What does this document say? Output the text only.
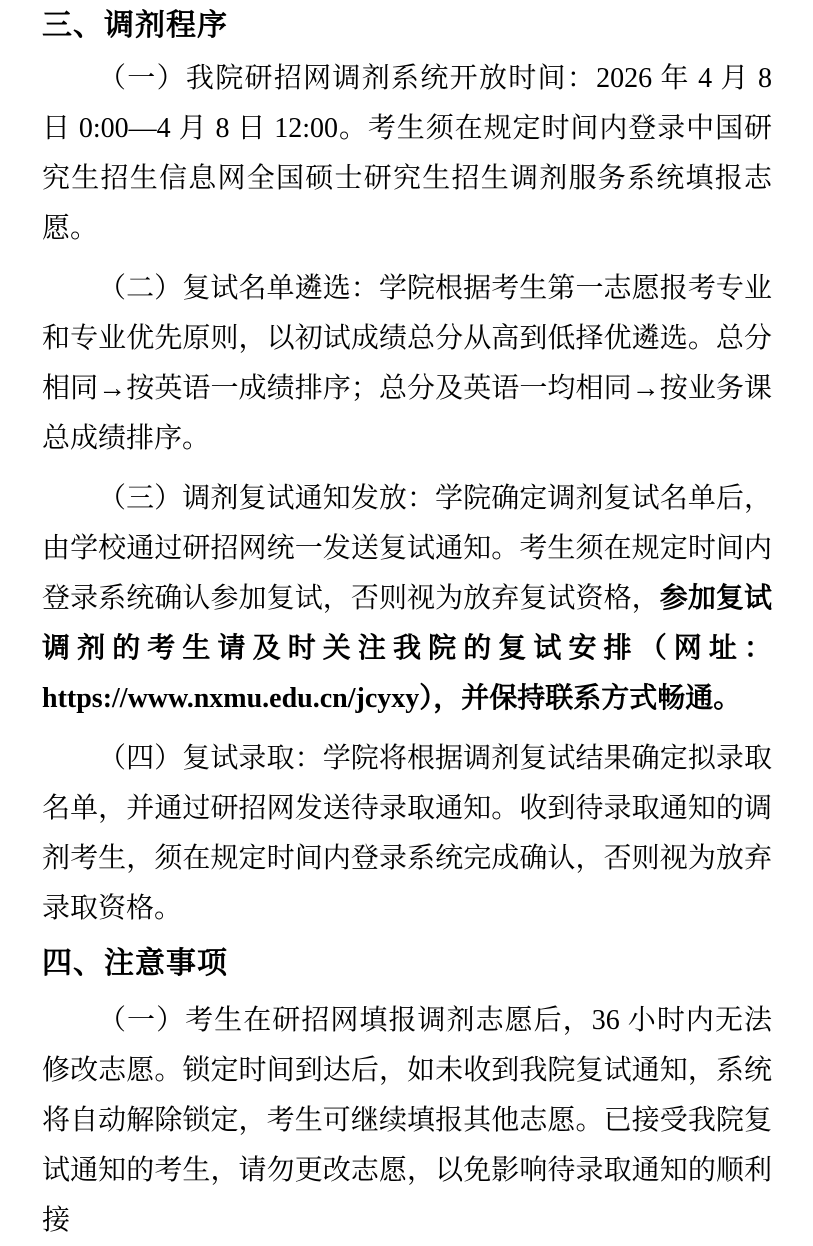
三、调剂程序

（一）我院研招网调剂系统开放时间：2026 年 4 月 8 日 0:00—4 月 8 日 12:00。考生须在规定时间内登录中国研究生招生信息网全国硕士研究生招生调剂服务系统填报志愿。

（二）复试名单遴选：学院根据考生第一志愿报考专业和专业优先原则，以初试成绩总分从高到低择优遴选。总分相同→按英语一成绩排序；总分及英语一均相同→按业务课总成绩排序。

（三）调剂复试通知发放：学院确定调剂复试名单后，由学校通过研招网统一发送复试通知。考生须在规定时间内登录系统确认参加复试，否则视为放弃复试资格，参加复试调剂的考生请及时关注我院的复试安排（网址：https://www.nxmu.edu.cn/jcyxy），并保持联系方式畅通。

（四）复试录取：学院将根据调剂复试结果确定拟录取名单，并通过研招网发送待录取通知。收到待录取通知的调剂考生，须在规定时间内登录系统完成确认，否则视为放弃录取资格。

四、注意事项

（一）考生在研招网填报调剂志愿后，36 小时内无法修改志愿。锁定时间到达后，如未收到我院复试通知，系统将自动解除锁定，考生可继续填报其他志愿。已接受我院复试通知的考生，请勿更改志愿，以免影响待录取通知的顺利接
